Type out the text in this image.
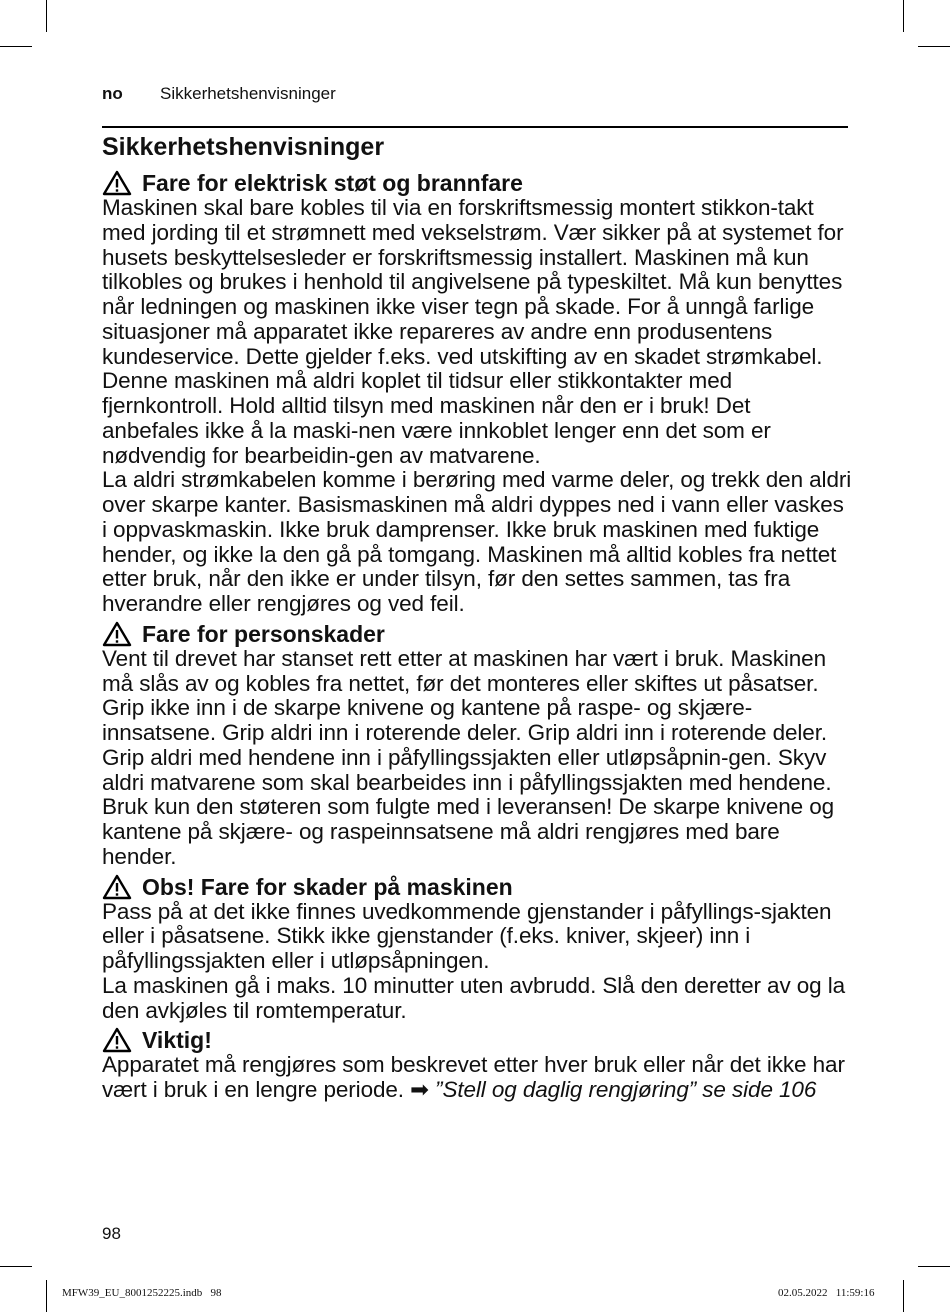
no Sikkerhetshenvisninger
Sikkerhetshenvisninger
Fare for elektrisk støt og brannfare

Maskinen skal bare kobles til via en forskriftsmessig montert stikkon-takt med jording til et strømnett med vekselstrøm. Vær sikker på at systemet for husets beskyttelsesleder er forskriftsmessig installert. Maskinen må kun tilkobles og brukes i henhold til angivelsene på typeskiltet. Må kun benyttes når ledningen og maskinen ikke viser tegn på skade. For å unngå farlige situasjoner må apparatet ikke repareres av andre enn produsentens kundeservice. Dette gjelder f.eks. ved utskifting av en skadet strømkabel. Denne maskinen må aldri koplet til tidsur eller stikkontakter med fjernkontroll. Hold alltid tilsyn med maskinen når den er i bruk! Det anbefales ikke å la maski-nen være innkoblet lenger enn det som er nødvendig for bearbeidin-gen av matvarene.

La aldri strømkabelen komme i berøring med varme deler, og trekk den aldri over skarpe kanter. Basismaskinen må aldri dyppes ned i vann eller vaskes i oppvaskmaskin. Ikke bruk damprenser. Ikke bruk maskinen med fuktige hender, og ikke la den gå på tomgang. Maskinen må alltid kobles fra nettet etter bruk, når den ikke er under tilsyn, før den settes sammen, tas fra hverandre eller rengjøres og ved feil.

Fare for personskader

Vent til drevet har stanset rett etter at maskinen har vært i bruk. Maskinen må slås av og kobles fra nettet, før det monteres eller skiftes ut påsatser.

Grip ikke inn i de skarpe knivene og kantene på raspe- og skjære-innsatsene. Grip aldri inn i roterende deler. Grip aldri inn i roterende deler. Grip aldri med hendene inn i påfyllingssjakten eller utløpsåpnin-gen. Skyv aldri matvarene som skal bearbeides inn i påfyllingssjakten med hendene. Bruk kun den støteren som fulgte med i leveransen! De skarpe knivene og kantene på skjære- og raspeinnsatsene må aldri rengjøres med bare hender.

Obs! Fare for skader på maskinen

Pass på at det ikke finnes uvedkommende gjenstander i påfyllings-sjakten eller i påsatsene. Stikk ikke gjenstander (f.eks. kniver, skjeer) inn i påfyllingssjakten eller i utløpsåpningen.

La maskinen gå i maks. 10 minutter uten avbrudd. Slå den deretter av og la den avkjøles til romtemperatur.

Viktig!

Apparatet må rengjøres som beskrevet etter hver bruk eller når det ikke har vært i bruk i en lengre periode. ➡ ”Stell og daglig rengjøring” se side 106

98
MFW39_EU_8001252225.indb   98	02.05.2022   11:59:16
